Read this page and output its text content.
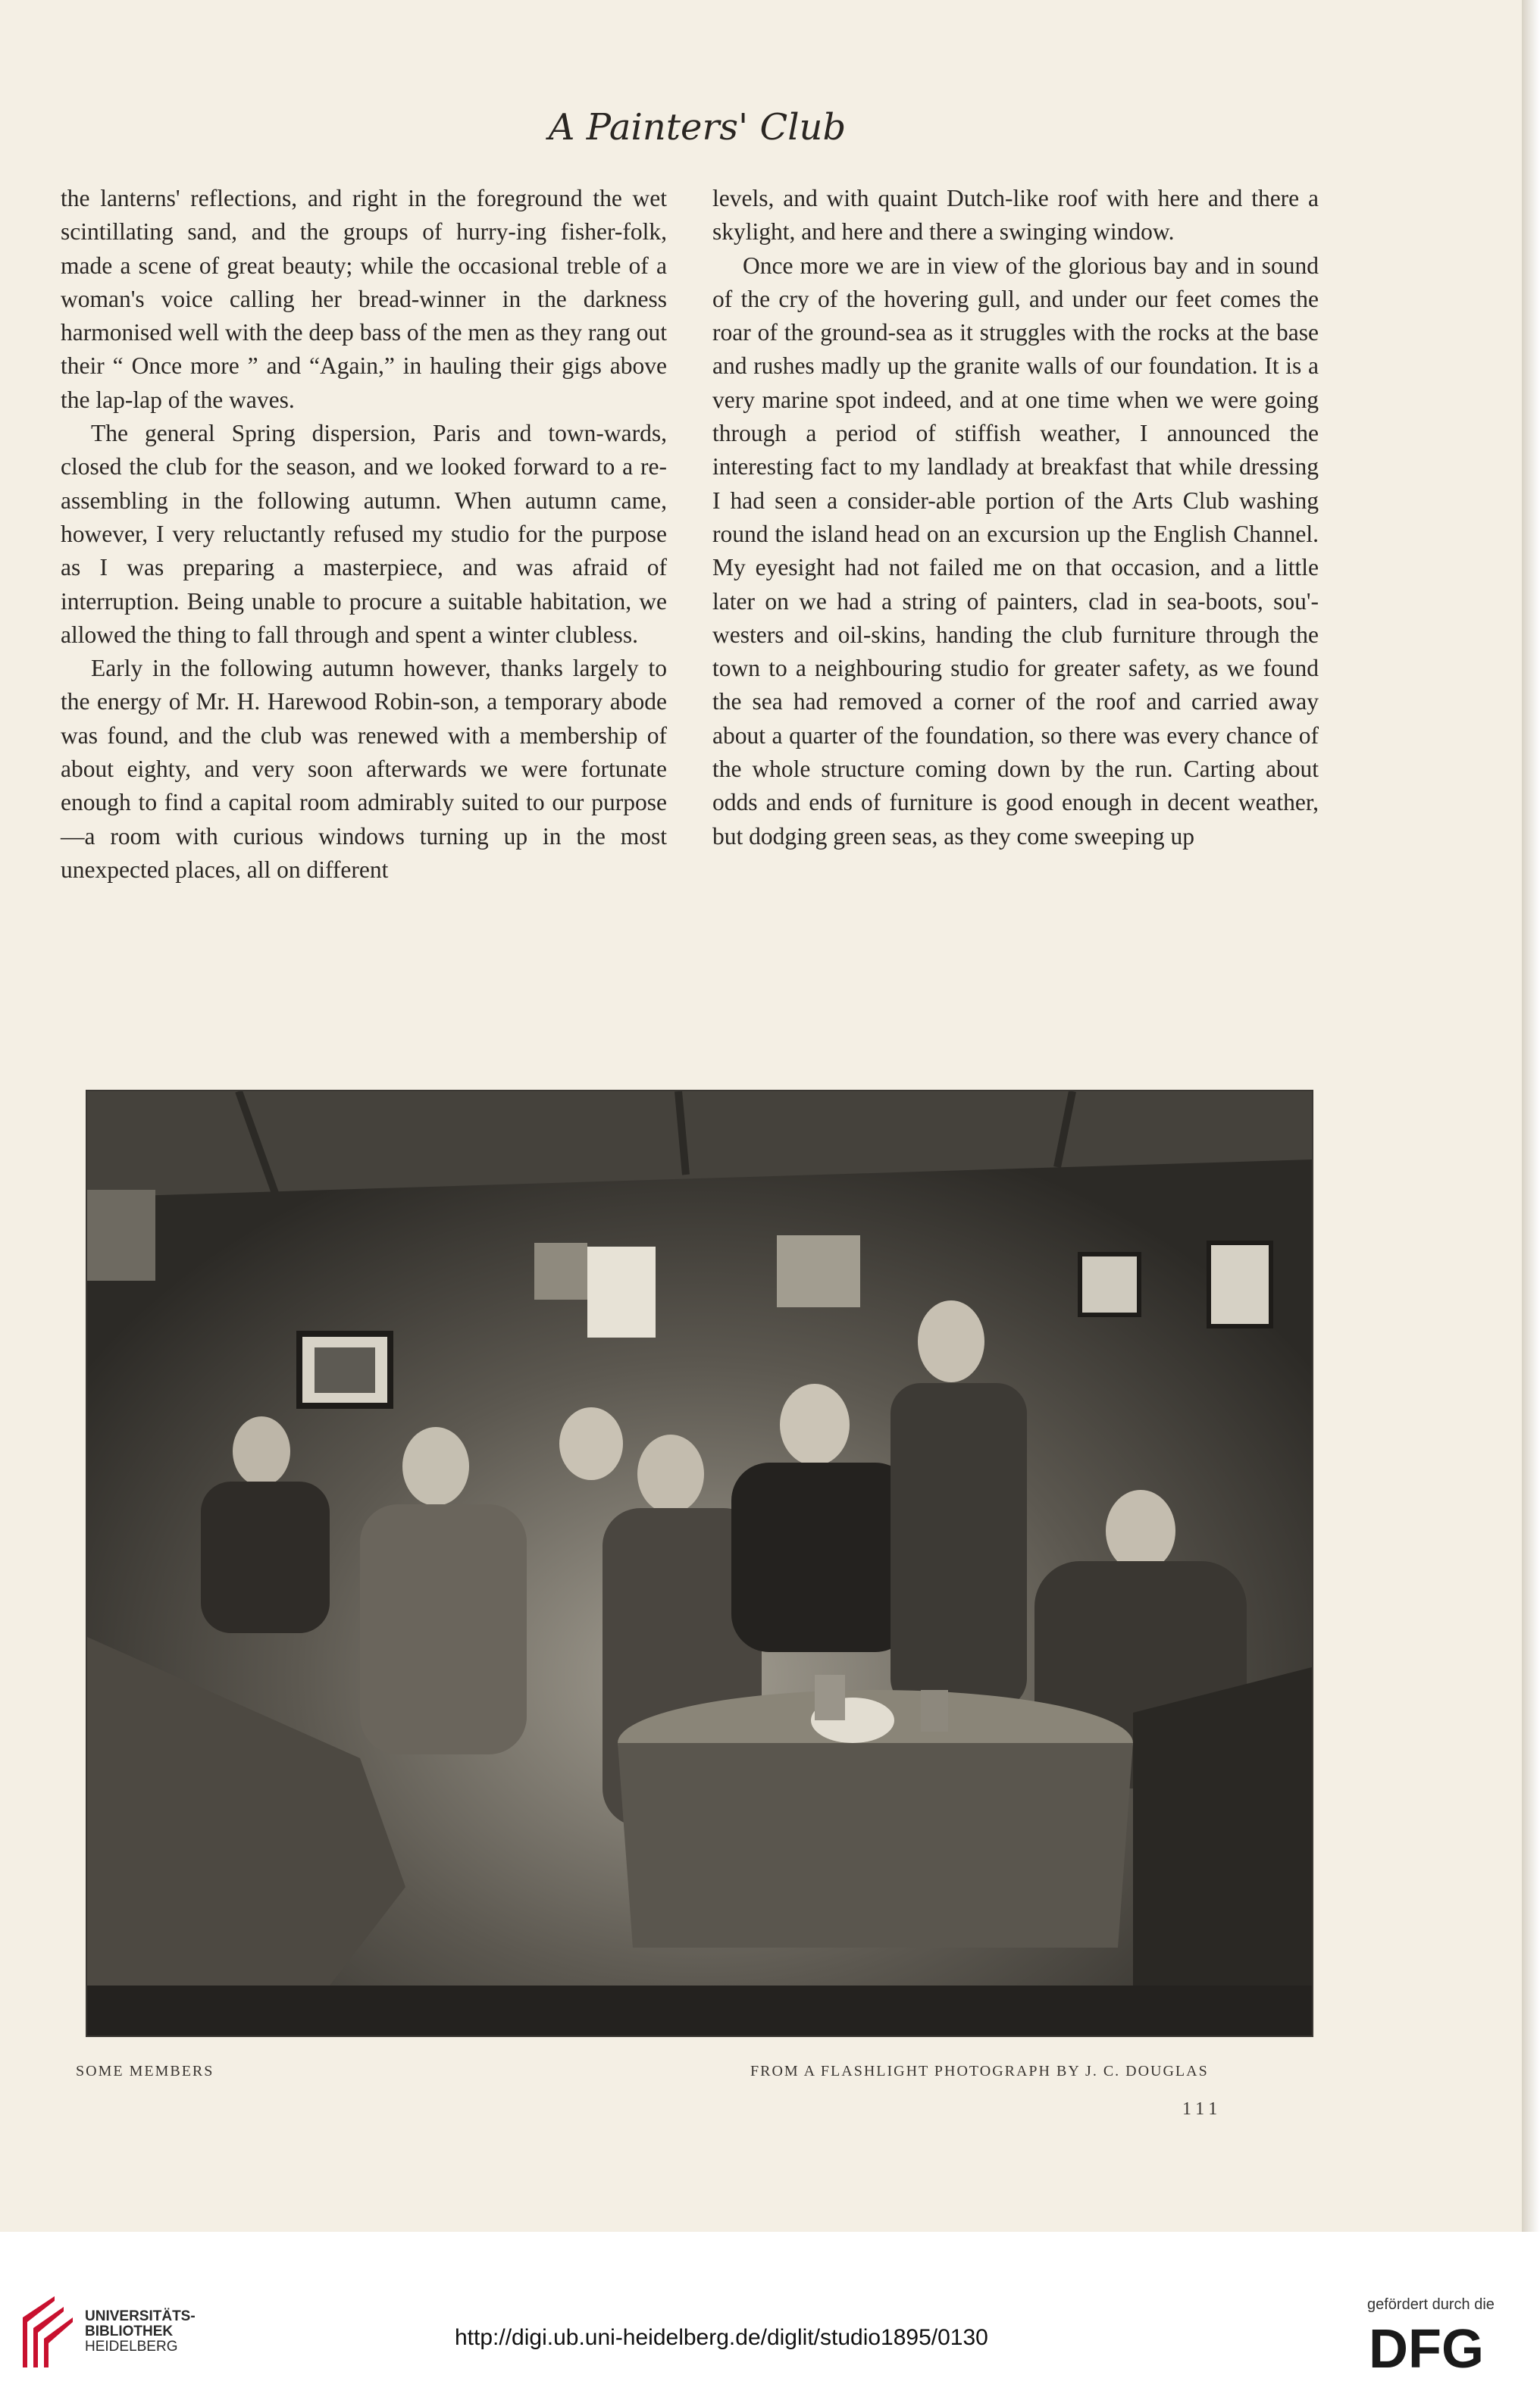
A Painters' Club

the lanterns' reflections, and right in the foreground the wet scintillating sand, and the groups of hurry-ing fisher-folk, made a scene of great beauty; while the occasional treble of a woman's voice calling her bread-winner in the darkness harmonised well with the deep bass of the men as they rang out their “ Once more ” and “Again,” in hauling their gigs above the lap-lap of the waves.

The general Spring dispersion, Paris and town-wards, closed the club for the season, and we looked forward to a re-assembling in the following autumn. When autumn came, however, I very reluctantly refused my studio for the purpose as I was preparing a masterpiece, and was afraid of interruption. Being unable to procure a suitable habitation, we allowed the thing to fall through and spent a winter clubless.

Early in the following autumn however, thanks largely to the energy of Mr. H. Harewood Robin-son, a temporary abode was found, and the club was renewed with a membership of about eighty, and very soon afterwards we were fortunate enough to find a capital room admirably suited to our purpose—a room with curious windows turning up in the most unexpected places, all on different

levels, and with quaint Dutch-like roof with here and there a skylight, and here and there a swinging window.

Once more we are in view of the glorious bay and in sound of the cry of the hovering gull, and under our feet comes the roar of the ground-sea as it struggles with the rocks at the base and rushes madly up the granite walls of our foundation. It is a very marine spot indeed, and at one time when we were going through a period of stiffish weather, I announced the interesting fact to my landlady at breakfast that while dressing I had seen a consider-able portion of the Arts Club washing round the island head on an excursion up the English Channel. My eyesight had not failed me on that occasion, and a little later on we had a string of painters, clad in sea-boots, sou'-westers and oil-skins, handing the club furniture through the town to a neighbouring studio for greater safety, as we found the sea had removed a corner of the roof and carried away about a quarter of the foundation, so there was every chance of the whole structure coming down by the run. Carting about odds and ends of furniture is good enough in decent weather, but dodging green seas, as they come sweeping up

SOME MEMBERS	FROM A FLASHLIGHT PHOTOGRAPH BY J. C. DOUGLAS
111
UNIVERSITÄTS-
BIBLIOTHEK
HEIDELBERG	http://digi.ub.uni-heidelberg.de/diglit/studio1895/0130
gefördert durch die
DFG
